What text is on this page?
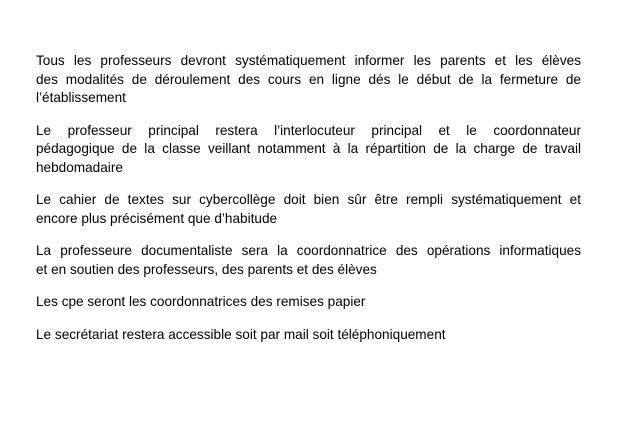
Tous les professeurs devront systématiquement informer les parents et les élèves
des modalités de déroulement des cours en ligne dés le début de la fermeture de
l’établissement

Le professeur principal restera l’interlocuteur principal et le coordonnateur
pédagogique de la classe veillant notamment à la répartition de la charge de travail
hebdomadaire

Le cahier de textes sur cybercollège doit bien sûr être rempli systématiquement et
encore plus précisément que d’habitude

La professeure documentaliste sera la coordonnatrice des opérations informatiques
et en soutien des professeurs, des parents et des élèves

Les cpe seront les coordonnatrices des remises papier

Le secrétariat restera accessible soit par mail soit téléphoniquement
